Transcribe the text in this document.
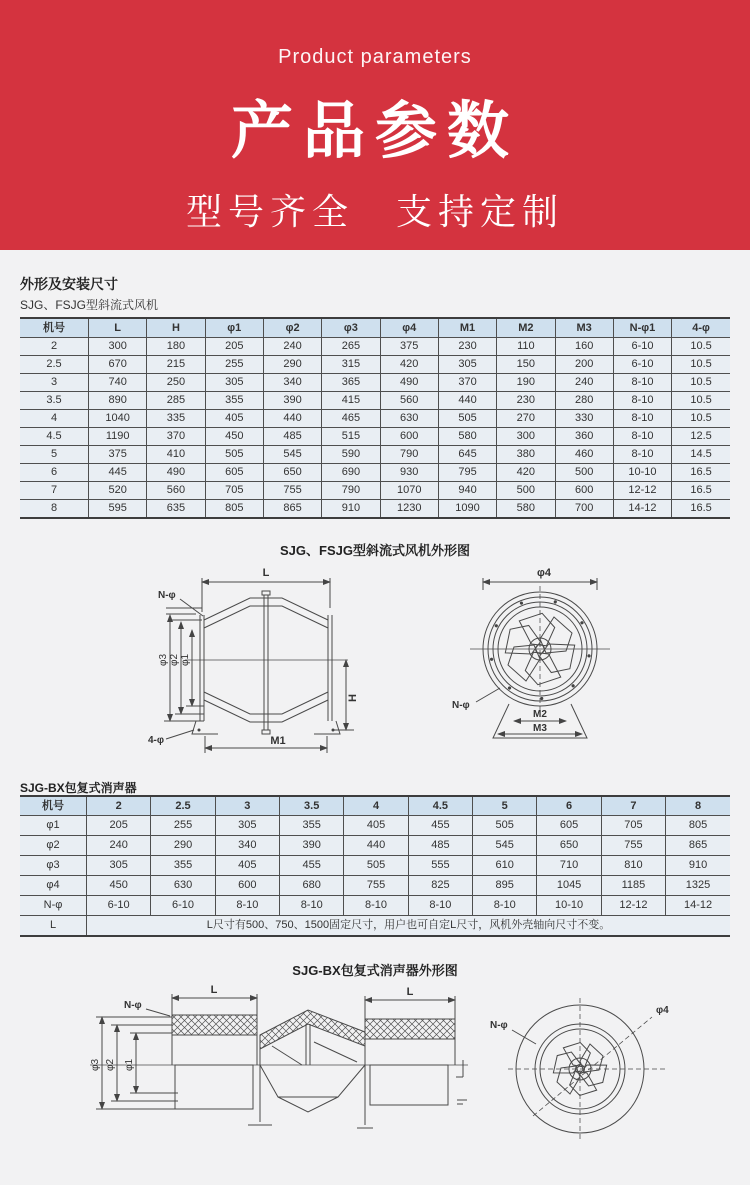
Product parameters
产品参数
型号齐全　支持定制
外形及安装尺寸
SJG、FSJG型斜流式风机
机号	L	H	φ1	φ2	φ3	φ4	M1	M2	M3	N-φ1	4-φ
2	300	180	205	240	265	375	230	110	160	6-10	10.5
2.5	670	215	255	290	315	420	305	150	200	6-10	10.5
3	740	250	305	340	365	490	370	190	240	8-10	10.5
3.5	890	285	355	390	415	560	440	230	280	8-10	10.5
4	1040	335	405	440	465	630	505	270	330	8-10	10.5
4.5	1190	370	450	485	515	600	580	300	360	8-10	12.5
5	375	410	505	545	590	790	645	380	460	8-10	14.5
6	445	490	605	650	690	930	795	420	500	10-10	16.5
7	520	560	705	755	790	1070	940	500	600	12-12	16.5
8	595	635	805	865	910	1230	1090	580	700	14-12	16.5
SJG、FSJG型斜流式风机外形图
L
N-φ
φ3 φ2 φ1
H
M1
4-φ
φ4
M2
M3
N-φ
SJG-BX包复式消声器
机号	2	2.5	3	3.5	4	4.5	5	6	7	8
φ1	205	255	305	355	405	455	505	605	705	805
φ2	240	290	340	390	440	485	545	650	755	865
φ3	305	355	405	455	505	555	610	710	810	910
φ4	450	630	600	680	755	825	895	1045	1185	1325
N-φ	6-10	6-10	8-10	8-10	8-10	8-10	8-10	10-10	12-12	14-12
L	L尺寸有500、750、1500固定尺寸，用户也可自定L尺寸，风机外壳轴向尺寸不变。									
SJG-BX包复式消声器外形图
L	L
N-φ
φ3 φ2 φ1
N-φ
φ4
